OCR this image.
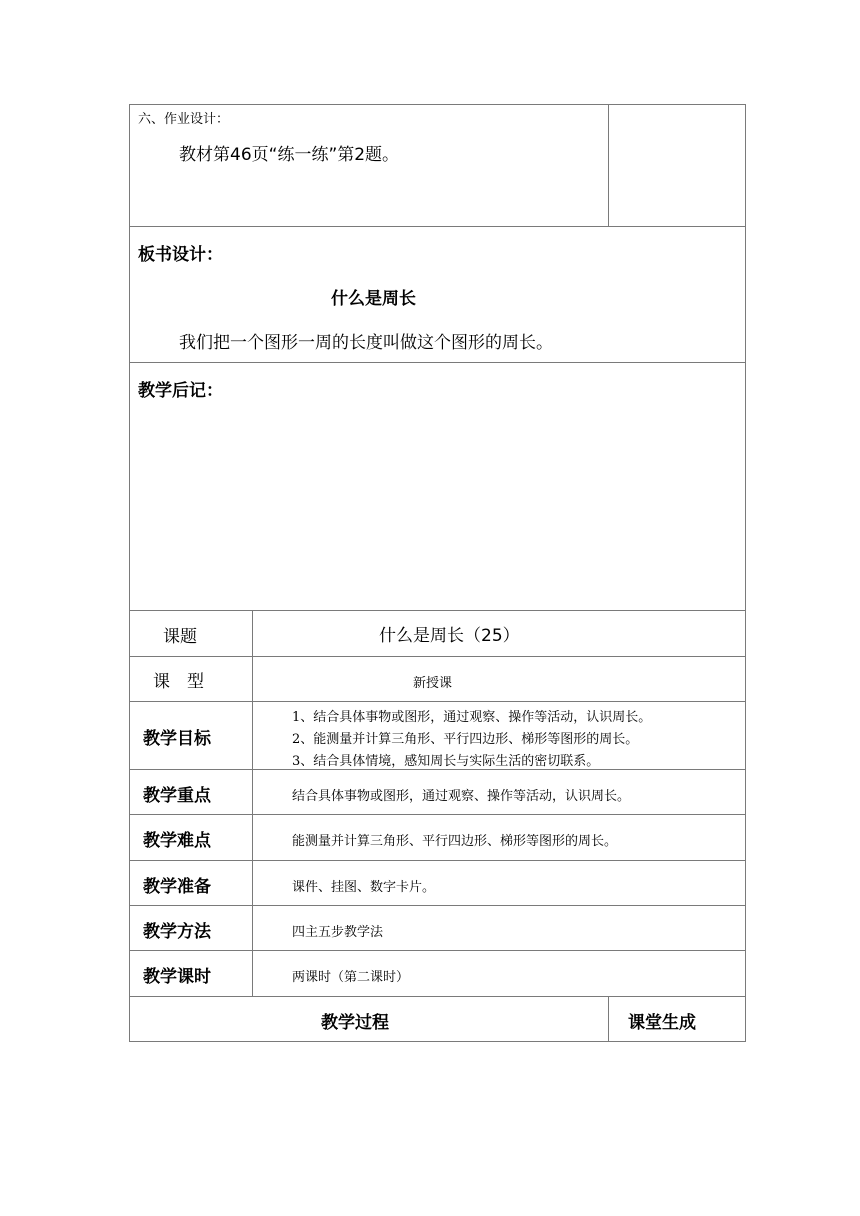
六、作业设计：
教材第46页“练一练”第2题。
板书设计：
什么是周长
我们把一个图形一周的长度叫做这个图形的周长。
教学后记：
课题	什么是周长（25）
课　型	新授课
教学目标
1、结合具体事物或图形，通过观察、操作等活动，认识周长。
2、能测量并计算三角形、平行四边形、梯形等图形的周长。
3、结合具体情境，感知周长与实际生活的密切联系。
教学重点	结合具体事物或图形，通过观察、操作等活动，认识周长。
教学难点	能测量并计算三角形、平行四边形、梯形等图形的周长。
教学准备	课件、挂图、数字卡片。
教学方法	四主五步教学法
教学课时	两课时（第二课时）
教学过程	课堂生成
